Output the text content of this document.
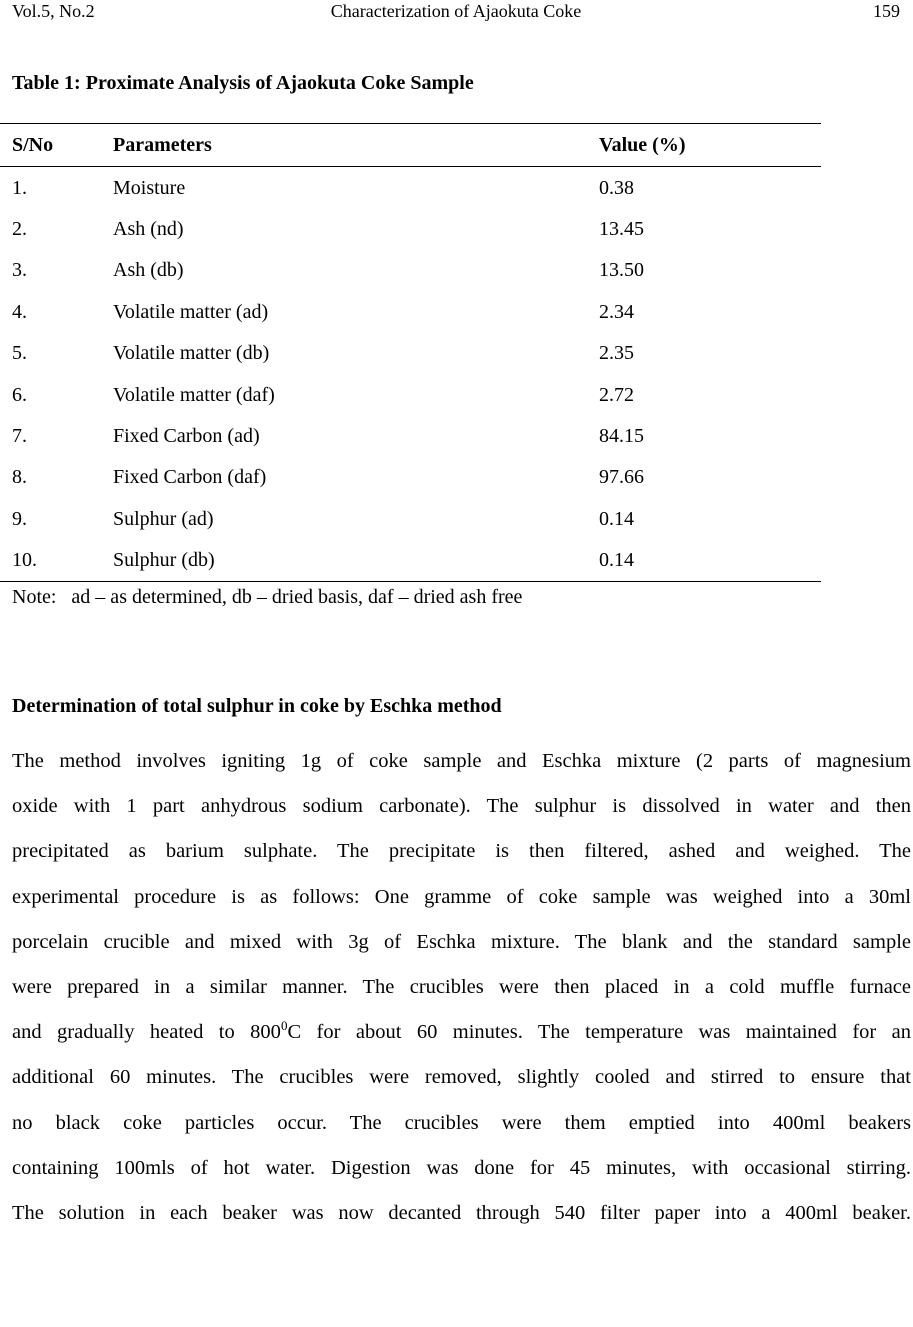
Vol.5, No.2	Characterization of Ajaokuta Coke	159
Table 1: Proximate Analysis of Ajaokuta Coke Sample
S/No	Parameters	Value (%)
1.	Moisture	0.38
2.	Ash (nd)	13.45
3.	Ash (db)	13.50
4.	Volatile matter (ad)	2.34
5.	Volatile matter (db)	2.35
6.	Volatile matter (daf)	2.72
7.	Fixed Carbon (ad)	84.15
8.	Fixed Carbon (daf)	97.66
9.	Sulphur (ad)	0.14
10.	Sulphur (db)	0.14
Note:   ad – as determined, db – dried basis, daf – dried ash free
Determination of total sulphur in coke by Eschka method
The method involves igniting 1g of coke sample and Eschka mixture (2 parts of magnesium
oxide with 1 part anhydrous sodium carbonate). The sulphur is dissolved in water and then
precipitated as barium sulphate. The precipitate is then filtered, ashed and weighed. The
experimental procedure is as follows: One gramme of coke sample was weighed into a 30ml
porcelain crucible and mixed with 3g of Eschka mixture. The blank and the standard sample
were prepared in a similar manner. The crucibles were then placed in a cold muffle furnace
and gradually heated to $800^0C$ for about 60 minutes. The temperature was maintained for an
additional 60 minutes. The crucibles were removed, slightly cooled and stirred to ensure that
no black coke particles occur. The crucibles were them emptied into 400ml beakers
containing 100mls of hot water. Digestion was done for 45 minutes, with occasional stirring.
The solution in each beaker was now decanted through 540 filter paper into a 400ml beaker.
